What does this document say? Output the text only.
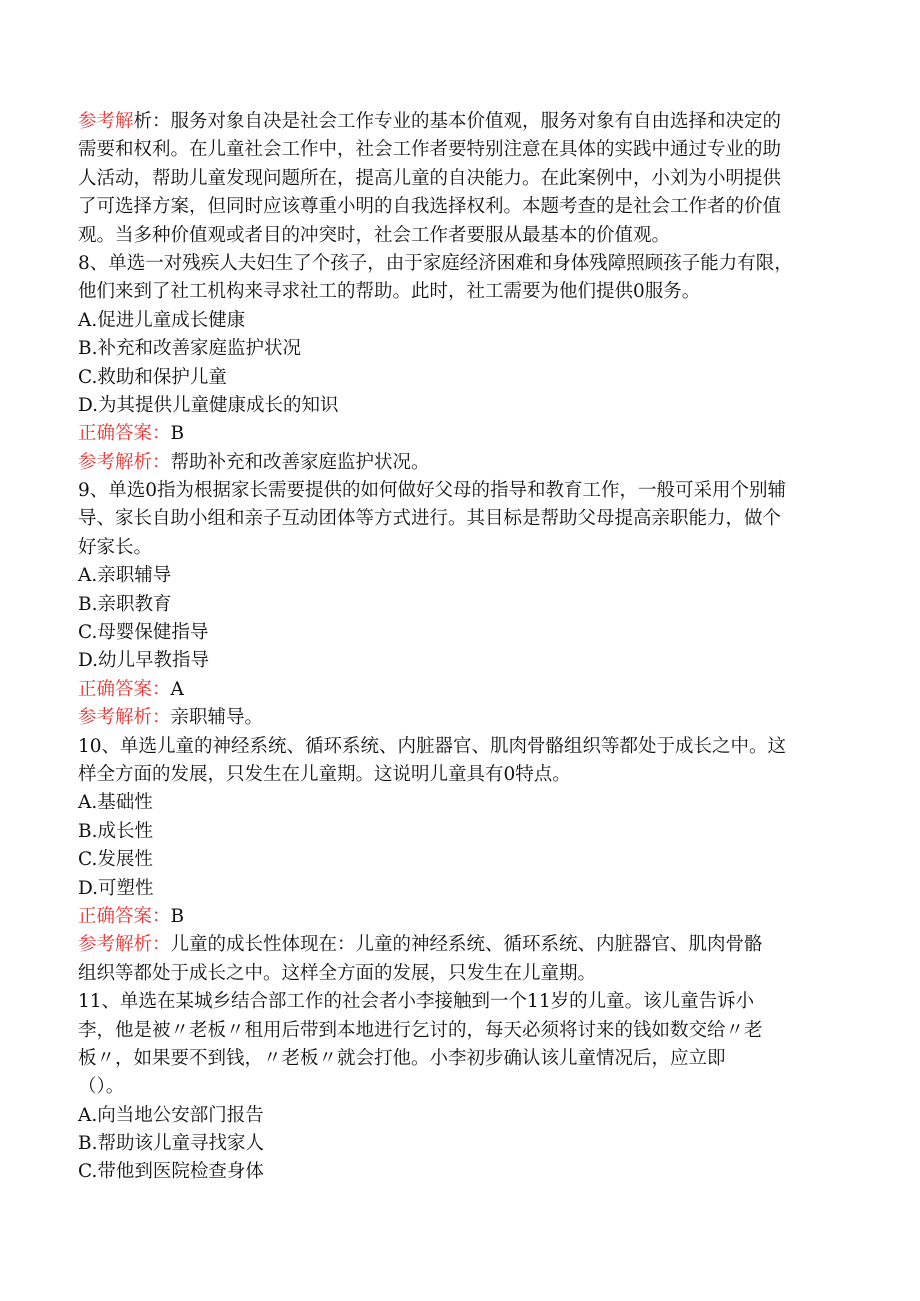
参考解析：服务对象自决是社会工作专业的基本价值观，服务对象有自由选择和决定的
需要和权利。在儿童社会工作中，社会工作者要特别注意在具体的实践中通过专业的助
人活动，帮助儿童发现问题所在，提高儿童的自决能力。在此案例中，小刘为小明提供
了可选择方案，但同时应该尊重小明的自我选择权利。本题考查的是社会工作者的价值
观。当多种价值观或者目的冲突时，社会工作者要服从最基本的价值观。
8、单选一对残疾人夫妇生了个孩子，由于家庭经济困难和身体残障照顾孩子能力有限，
他们来到了社工机构来寻求社工的帮助。此时，社工需要为他们提供0服务。
A.促进儿童成长健康
B.补充和改善家庭监护状况
C.救助和保护儿童
D.为其提供儿童健康成长的知识
正确答案：B
参考解析：帮助补充和改善家庭监护状况。
9、单选0指为根据家长需要提供的如何做好父母的指导和教育工作，一般可采用个别辅
导、家长自助小组和亲子互动团体等方式进行。其目标是帮助父母提高亲职能力，做个
好家长。
A.亲职辅导
B.亲职教育
C.母婴保健指导
D.幼儿早教指导
正确答案：A
参考解析：亲职辅导。
10、单选儿童的神经系统、循环系统、内脏器官、肌肉骨骼组织等都处于成长之中。这
样全方面的发展，只发生在儿童期。这说明儿童具有0特点。
A.基础性
B.成长性
C.发展性
D.可塑性
正确答案：B
参考解析：儿童的成长性体现在：儿童的神经系统、循环系统、内脏器官、肌肉骨骼
组织等都处于成长之中。这样全方面的发展，只发生在儿童期。
11、单选在某城乡结合部工作的社会者小李接触到一个11岁的儿童。该儿童告诉小
李，他是被〃老板〃租用后带到本地进行乞讨的，每天必须将讨来的钱如数交给〃老
板〃，如果要不到钱，〃老板〃就会打他。小李初步确认该儿童情况后，应立即
（）。
A.向当地公安部门报告
B.帮助该儿童寻找家人
C.带他到医院检查身体
